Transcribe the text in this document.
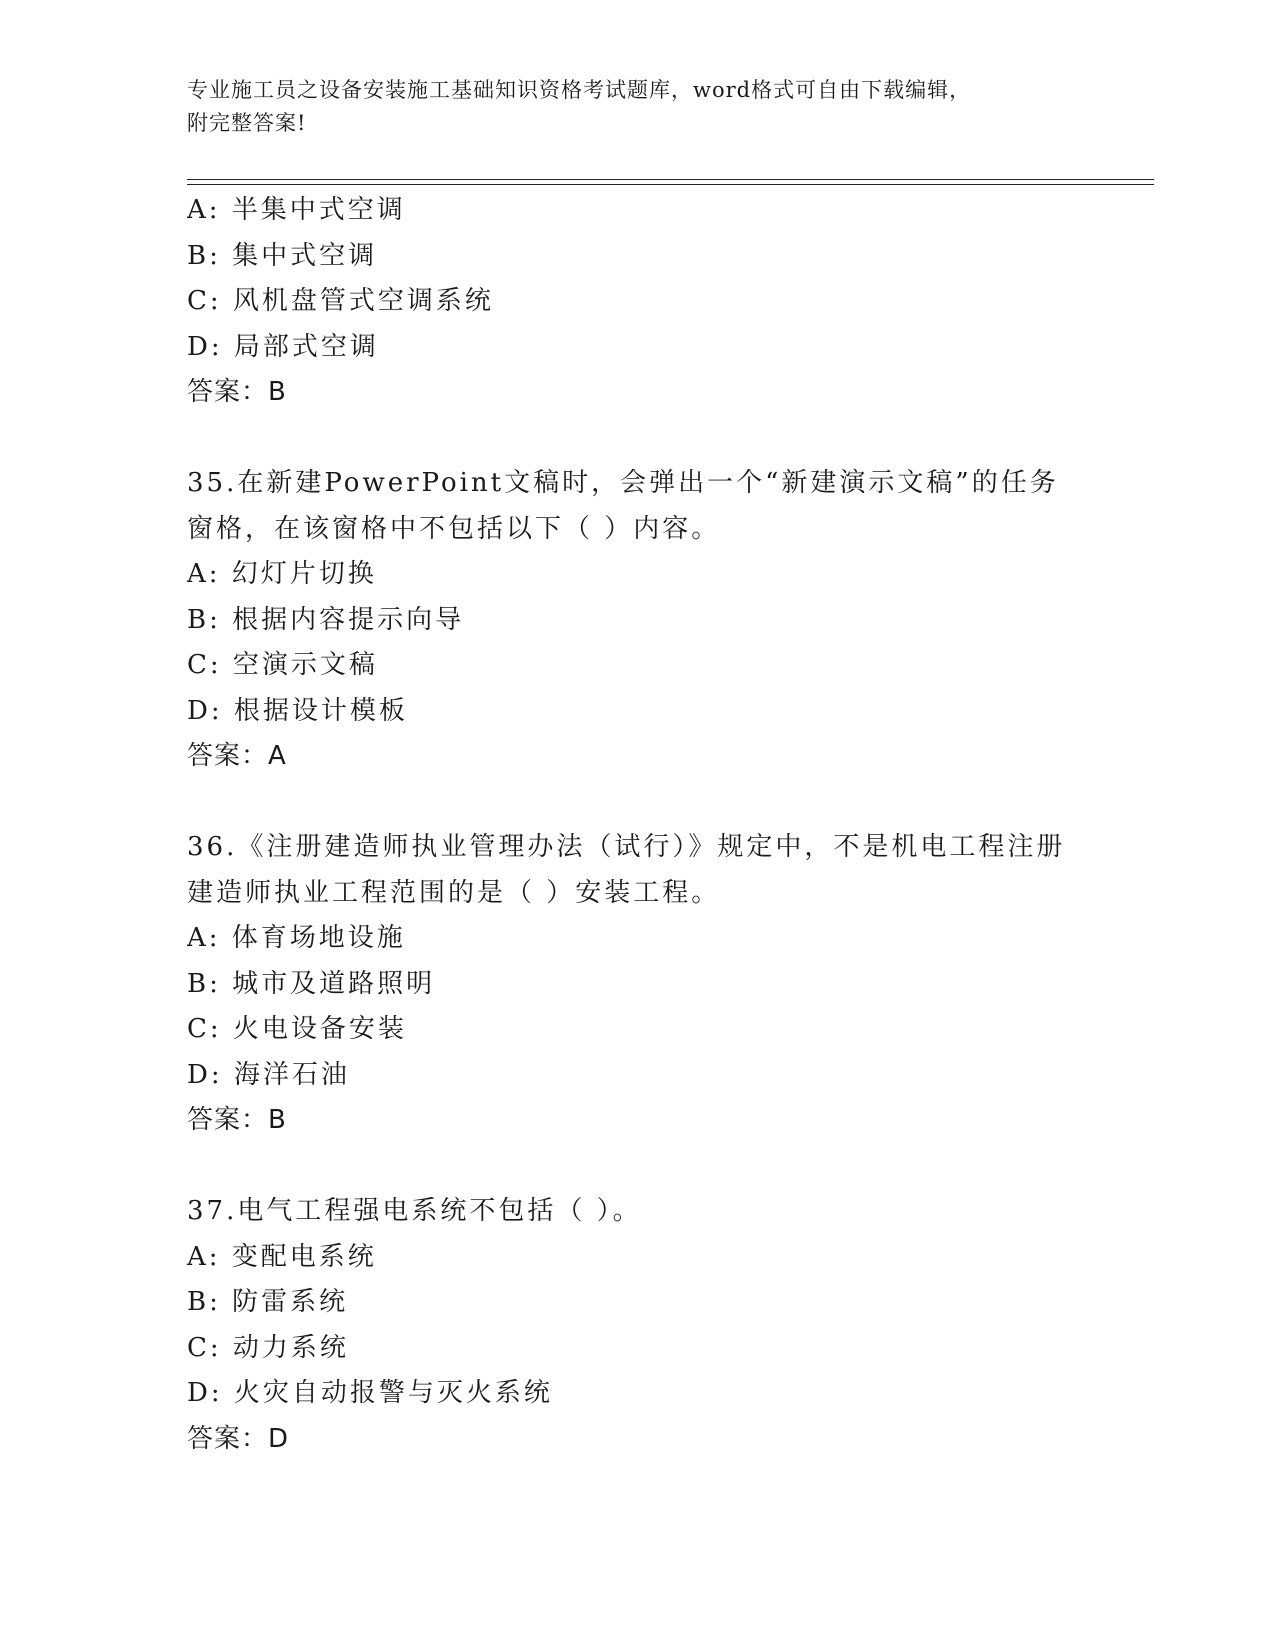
专业施工员之设备安装施工基础知识资格考试题库，word格式可自由下载编辑，
附完整答案!
A: 半集中式空调
B: 集中式空调
C: 风机盘管式空调系统
D: 局部式空调
答案：B
35.在新建PowerPoint文稿时，会弹出一个“新建演示文稿”的任务
窗格，在该窗格中不包括以下（ ）内容。
A: 幻灯片切换
B: 根据内容提示向导
C: 空演示文稿
D: 根据设计模板
答案：A
36.《注册建造师执业管理办法（试行）》规定中，不是机电工程注册
建造师执业工程范围的是（ ）安装工程。
A: 体育场地设施
B: 城市及道路照明
C: 火电设备安装
D: 海洋石油
答案：B
37.电气工程强电系统不包括（ ）。
A: 变配电系统
B: 防雷系统
C: 动力系统
D: 火灾自动报警与灭火系统
答案：D
